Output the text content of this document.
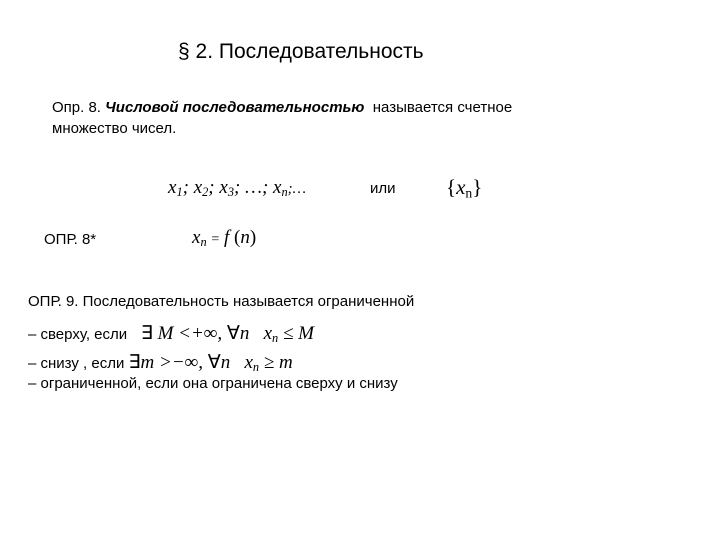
§ 2. Последовательность
Опр. 8. Числовой последовательностью называется счетное
множество чисел.
$x_1$; $x_2$; $x_3$; …; $x_n;\dots$	или $\{x_n\}$
ОПР. 8*	$x_n = f$ (n)
ОПР. 9. Последовательность называется ограниченной
– сверху, если ∃ M <+∞, ∀n $x_n \le M$
– снизу , если ∃m >−∞, ∀n $x_n \ge m$
– ограниченной, если она ограничена сверху и снизу
